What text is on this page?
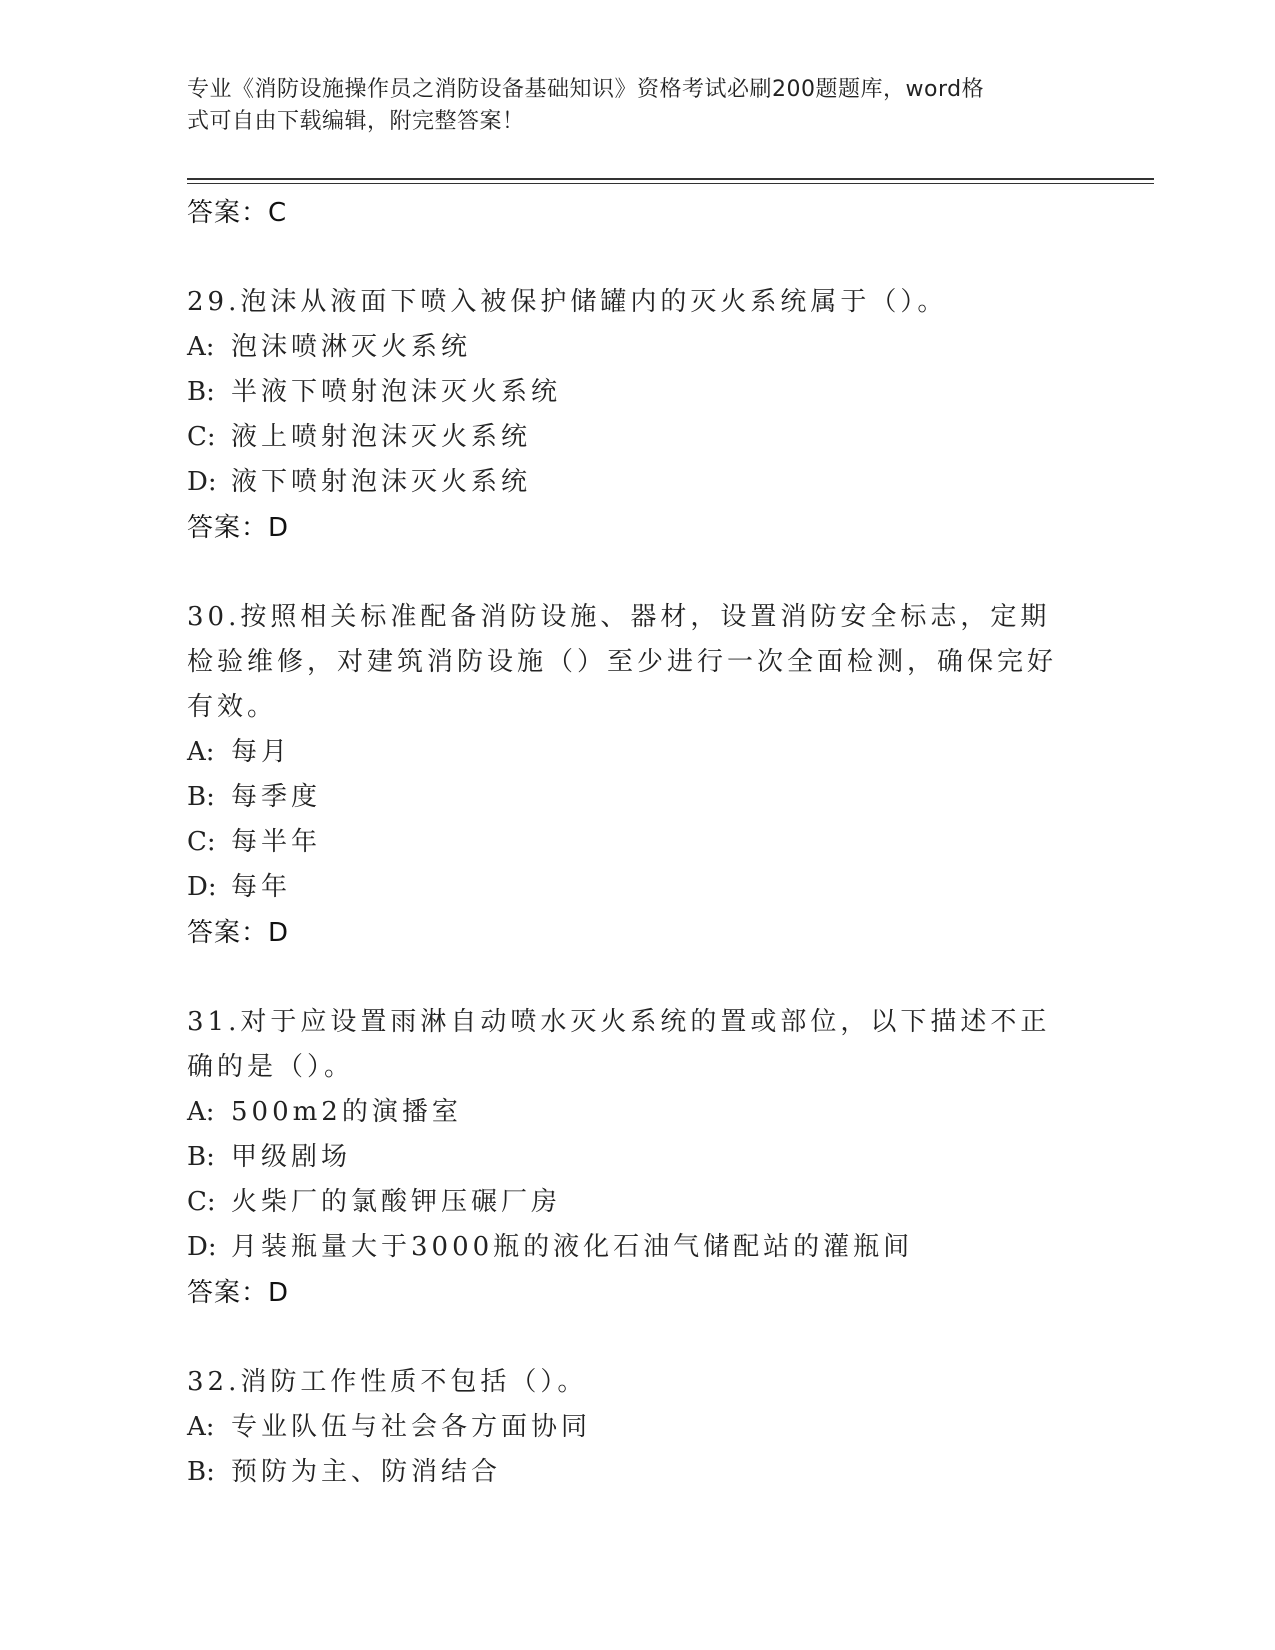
专业《消防设施操作员之消防设备基础知识》资格考试必刷200题题库，word格
式可自由下载编辑，附完整答案！

答案：C

29.泡沫从液面下喷入被保护储罐内的灭火系统属于（）。

A: 泡沫喷淋灭火系统

B: 半液下喷射泡沫灭火系统

C: 液上喷射泡沫灭火系统

D: 液下喷射泡沫灭火系统

答案：D

30.按照相关标准配备消防设施、器材，设置消防安全标志，定期检验维修，对建筑消防设施（）至少进行一次全面检测，确保完好有效。

A: 每月

B: 每季度

C: 每半年

D: 每年

答案：D

31.对于应设置雨淋自动喷水灭火系统的置或部位，以下描述不正确的是（）。

A: 500m2的演播室

B: 甲级剧场

C: 火柴厂的氯酸钾压碾厂房

D: 月装瓶量大于3000瓶的液化石油气储配站的灌瓶间

答案：D

32.消防工作性质不包括（）。

A: 专业队伍与社会各方面协同

B: 预防为主、防消结合
